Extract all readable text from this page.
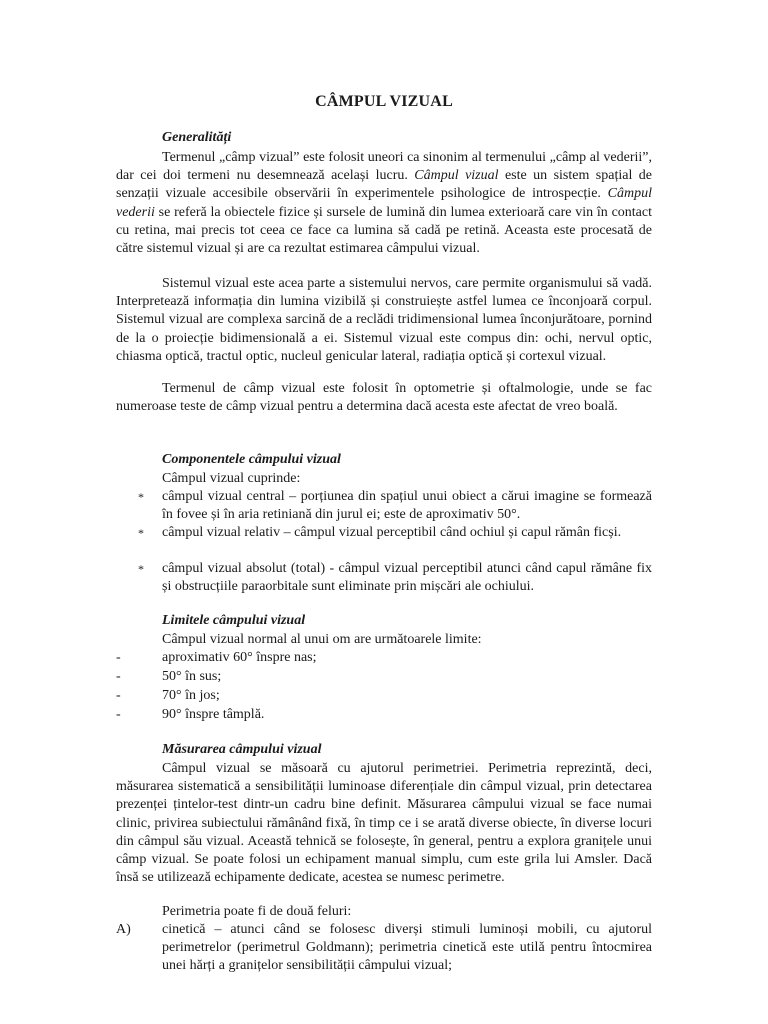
CÂMPUL VIZUAL
Generalități

Termenul „câmp vizual” este folosit uneori ca sinonim al termenului „câmp al vederii”, dar cei doi termeni nu desemnează același lucru. Câmpul vizual este un sistem spațial de senzații vizuale accesibile observării în experimentele psihologice de introspecție. Câmpul vederii se referă la obiectele fizice și sursele de lumină din lumea exterioară care vin în contact cu retina, mai precis tot ceea ce face ca lumina să cadă pe retină. Aceasta este procesată de către sistemul vizual și are ca rezultat estimarea câmpului vizual.

Sistemul vizual este acea parte a sistemului nervos, care permite organismului să vadă. Interpretează informația din lumina vizibilă și construiește astfel lumea ce înconjoară corpul. Sistemul vizual are complexa sarcină de a reclădi tridimensional lumea înconjurătoare, pornind de la o proiecție bidimensională a ei. Sistemul vizual este compus din: ochi, nervul optic, chiasma optică, tractul optic, nucleul genicular lateral, radiația optică și cortexul vizual.

Termenul de câmp vizual este folosit în optometrie și oftalmologie, unde se fac numeroase teste de câmp vizual pentru a determina dacă acesta este afectat de vreo boală.

Componentele câmpului vizual
Câmpul vizual cuprinde:

* câmpul vizual central – porțiunea din spațiul unui obiect a cărui imagine se formează în fovee și în aria retiniană din jurul ei; este de aproximativ 50°.

* câmpul vizual relativ – câmpul vizual perceptibil când ochiul și capul rămân ficși.

* câmpul vizual absolut (total) - câmpul vizual perceptibil atunci când capul rămâne fix și obstrucțiile paraorbitale sunt eliminate prin mișcări ale ochiului.

Limitele câmpului vizual
Câmpul vizual normal al unui om are următoarele limite:

-	aproximativ 60° înspre nas;

-	50° în sus;

-	70° în jos;

-	90° înspre tâmplă.

Măsurarea câmpului vizual

Câmpul vizual se măsoară cu ajutorul perimetriei. Perimetria reprezintă, deci, măsurarea sistematică a sensibilității luminoase diferențiale din câmpul vizual, prin detectarea prezenței țintelor-test dintr-un cadru bine definit. Măsurarea câmpului vizual se face numai clinic, privirea subiectului rămânând fixă, în timp ce i se arată diverse obiecte, în diverse locuri din câmpul său vizual. Această tehnică se folosește, în general, pentru a explora granițele unui câmp vizual. Se poate folosi un echipament manual simplu, cum este grila lui Amsler. Dacă însă se utilizează echipamente dedicate, acestea se numesc perimetre.

Perimetria poate fi de două feluri:

A) cinetică – atunci când se folosesc diverși stimuli luminoși mobili, cu ajutorul perimetrelor (perimetrul Goldmann); perimetria cinetică este utilă pentru întocmirea unei hărți a granițelor sensibilității câmpului vizual;
